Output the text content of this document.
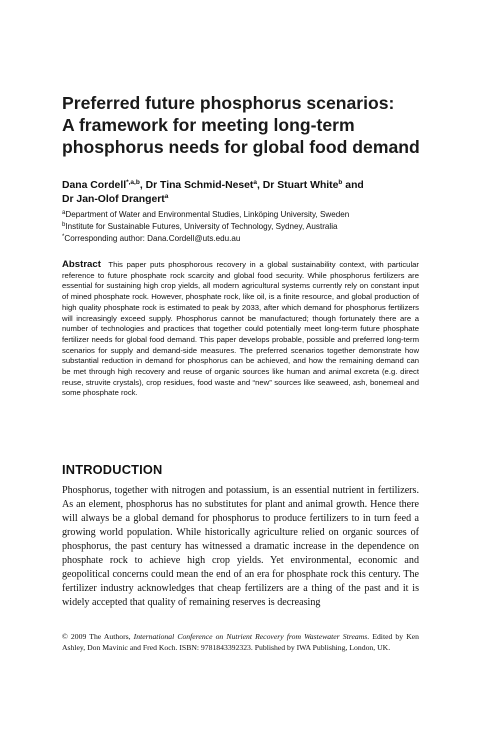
Preferred future phosphorus scenarios:
A framework for meeting long-term
phosphorus needs for global food demand
Dana Cordell$^{*,a,b}$, Dr Tina Schmid-Neset$^a$, Dr Stuart White$^b$ and
Dr Jan-Olof Drangert$^a$
$^a$Department of Water and Environmental Studies, Linköping University, Sweden
$^b$Institute for Sustainable Futures, University of Technology, Sydney, Australia
*Corresponding author: Dana.Cordell@uts.edu.au
Abstract This paper puts phosphorous recovery in a global sustainability context, with particular reference to future phosphate rock scarcity and global food security. While phosphorus fertilizers are essential for sustaining high crop yields, all modern agricultural systems currently rely on constant input of mined phosphate rock. However, phosphate rock, like oil, is a finite resource, and global production of high quality phosphate rock is estimated to peak by 2033, after which demand for phosphorus fertilizers will increasingly exceed supply. Phosphorus cannot be manufactured; though fortunately there are a number of technologies and practices that together could potentially meet long-term future phosphate fertilizer needs for global food demand. This paper develops probable, possible and preferred long-term scenarios for supply and demand-side measures. The preferred scenarios together demonstrate how substantial reduction in demand for phosphorus can be achieved, and how the remaining demand can be met through high recovery and reuse of organic sources like human and animal excreta (e.g. direct reuse, struvite crystals), crop residues, food waste and “new” sources like seaweed, ash, bonemeal and some phosphate rock.
INTRODUCTION
Phosphorus, together with nitrogen and potassium, is an essential nutrient in fertilizers. As an element, phosphorus has no substitutes for plant and animal growth. Hence there will always be a global demand for phosphorus to produce fertilizers to in turn feed a growing world population. While historically agriculture relied on organic sources of phosphorus, the past century has witnessed a dramatic increase in the dependence on phosphate rock to achieve high crop yields. Yet environmental, economic and geopolitical concerns could mean the end of an era for phosphate rock this century. The fertilizer industry acknowledges that cheap fertilizers are a thing of the past and it is widely accepted that quality of remaining reserves is decreasing
© 2009 The Authors, International Conference on Nutrient Recovery from Wastewater Streams. Edited by Ken Ashley, Don Mavinic and Fred Koch. ISBN: 9781843392323. Published by IWA Publishing, London, UK.
